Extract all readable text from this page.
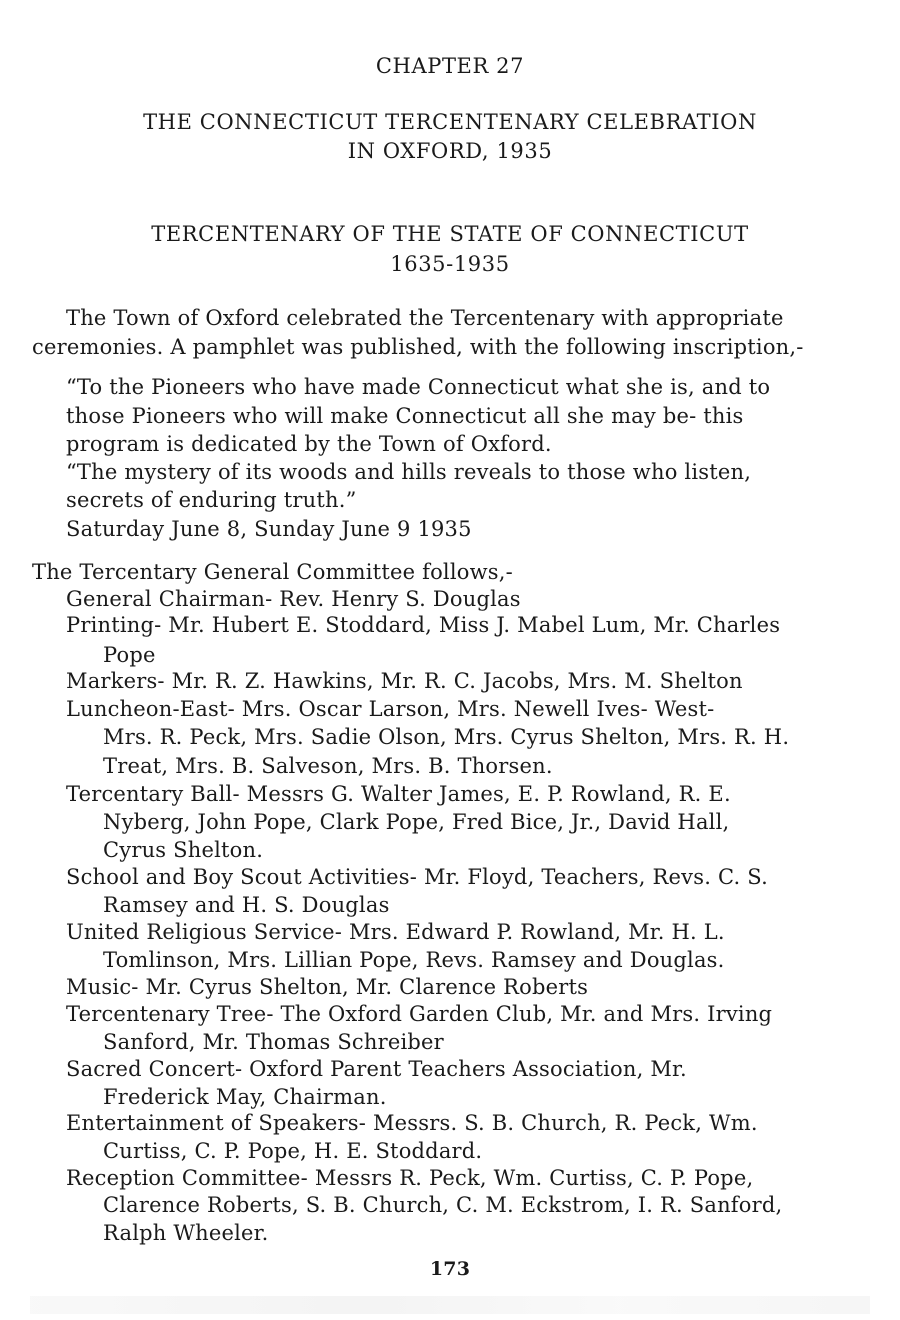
CHAPTER 27
THE CONNECTICUT TERCENTENARY CELEBRATION
IN OXFORD, 1935
TERCENTENARY OF THE STATE OF CONNECTICUT
1635-1935
The Town of Oxford celebrated the Tercentenary with appropriate
ceremonies. A pamphlet was published, with the following inscription,-
“To the Pioneers who have made Connecticut what she is, and to
those Pioneers who will make Connecticut all she may be- this
program is dedicated by the Town of Oxford.
“The mystery of its woods and hills reveals to those who listen,
secrets of enduring truth.”
Saturday June 8, Sunday June 9 1935
The Tercentary General Committee follows,-
General Chairman- Rev. Henry S. Douglas
Printing- Mr. Hubert E. Stoddard, Miss J. Mabel Lum, Mr. Charles
Pope
Markers- Mr. R. Z. Hawkins, Mr. R. C. Jacobs, Mrs. M. Shelton
Luncheon-East- Mrs. Oscar Larson, Mrs. Newell Ives- West-
Mrs. R. Peck, Mrs. Sadie Olson, Mrs. Cyrus Shelton, Mrs. R. H.
Treat, Mrs. B. Salveson, Mrs. B. Thorsen.
Tercentary Ball- Messrs G. Walter James, E. P. Rowland, R. E.
Nyberg, John Pope, Clark Pope, Fred Bice, Jr., David Hall,
Cyrus Shelton.
School and Boy Scout Activities- Mr. Floyd, Teachers, Revs. C. S.
Ramsey and H. S. Douglas
United Religious Service- Mrs. Edward P. Rowland, Mr. H. L.
Tomlinson, Mrs. Lillian Pope, Revs. Ramsey and Douglas.
Music- Mr. Cyrus Shelton, Mr. Clarence Roberts
Tercentenary Tree- The Oxford Garden Club, Mr. and Mrs. Irving
Sanford, Mr. Thomas Schreiber
Sacred Concert- Oxford Parent Teachers Association, Mr.
Frederick May, Chairman.
Entertainment of Speakers- Messrs. S. B. Church, R. Peck, Wm.
Curtiss, C. P. Pope, H. E. Stoddard.
Reception Committee- Messrs R. Peck, Wm. Curtiss, C. P. Pope,
Clarence Roberts, S. B. Church, C. M. Eckstrom, I. R. Sanford,
Ralph Wheeler.
173
